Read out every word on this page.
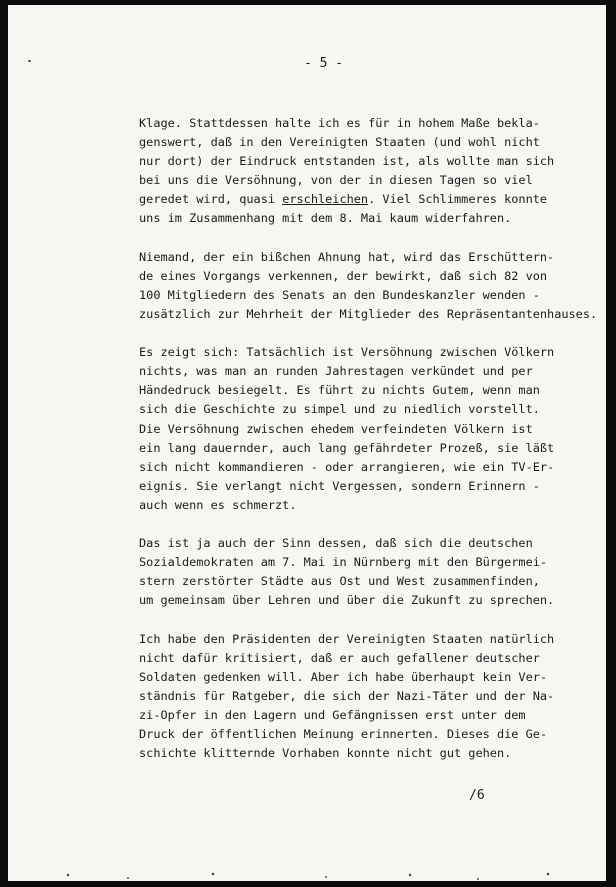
- 5 -

Klage. Stattdessen halte ich es für in hohem Maße bekla-
genswert, daß in den Vereinigten Staaten (und wohl nicht
nur dort) der Eindruck entstanden ist, als wollte man sich
bei uns die Versöhnung, von der in diesen Tagen so viel
geredet wird, quasi erschleichen. Viel Schlimmeres konnte
uns im Zusammenhang mit dem 8. Mai kaum widerfahren.

Niemand, der ein bißchen Ahnung hat, wird das Erschüttern-
de eines Vorgangs verkennen, der bewirkt, daß sich 82 von
100 Mitgliedern des Senats an den Bundeskanzler wenden -
zusätzlich zur Mehrheit der Mitglieder des Repräsentantenhauses.

Es zeigt sich: Tatsächlich ist Versöhnung zwischen Völkern
nichts, was man an runden Jahrestagen verkündet und per
Händedruck besiegelt. Es führt zu nichts Gutem, wenn man
sich die Geschichte zu simpel und zu niedlich vorstellt.
Die Versöhnung zwischen ehedem verfeindeten Völkern ist
ein lang dauernder, auch lang gefährdeter Prozeß, sie läßt
sich nicht kommandieren - oder arrangieren, wie ein TV-Er-
eignis. Sie verlangt nicht Vergessen, sondern Erinnern -
auch wenn es schmerzt.

Das ist ja auch der Sinn dessen, daß sich die deutschen
Sozialdemokraten am 7. Mai in Nürnberg mit den Bürgermei-
stern zerstörter Städte aus Ost und West zusammenfinden,
um gemeinsam über Lehren und über die Zukunft zu sprechen.

Ich habe den Präsidenten der Vereinigten Staaten natürlich
nicht dafür kritisiert, daß er auch gefallener deutscher
Soldaten gedenken will. Aber ich habe überhaupt kein Ver-
ständnis für Ratgeber, die sich der Nazi-Täter und der Na-
zi-Opfer in den Lagern und Gefängnissen erst unter dem
Druck der öffentlichen Meinung erinnerten. Dieses die Ge-
schichte klitternde Vorhaben konnte nicht gut gehen.

/6
